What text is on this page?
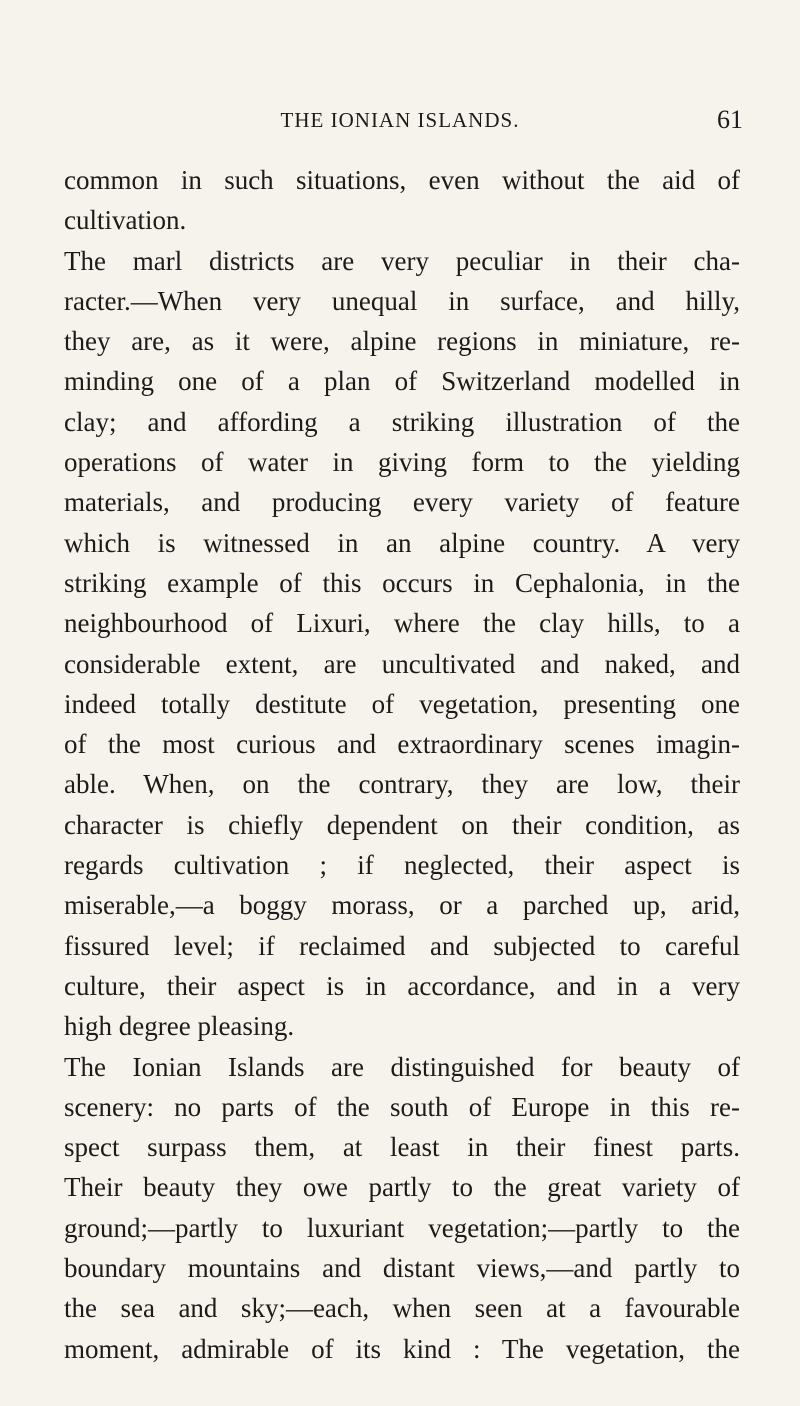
THE IONIAN ISLANDS.	61
common in such situations, even without the aid of
cultivation.
The marl districts are very peculiar in their cha-
racter.—When very unequal in surface, and hilly,
they are, as it were, alpine regions in miniature, re-
minding one of a plan of Switzerland modelled in
clay; and affording a striking illustration of the
operations of water in giving form to the yielding
materials, and producing every variety of feature
which is witnessed in an alpine country. A very
striking example of this occurs in Cephalonia, in the
neighbourhood of Lixuri, where the clay hills, to a
considerable extent, are uncultivated and naked, and
indeed totally destitute of vegetation, presenting one
of the most curious and extraordinary scenes imagin-
able. When, on the contrary, they are low, their
character is chiefly dependent on their condition, as
regards cultivation ; if neglected, their aspect is
miserable,—a boggy morass, or a parched up, arid,
fissured level; if reclaimed and subjected to careful
culture, their aspect is in accordance, and in a very
high degree pleasing.
The Ionian Islands are distinguished for beauty of
scenery: no parts of the south of Europe in this re-
spect surpass them, at least in their finest parts.
Their beauty they owe partly to the great variety of
ground;—partly to luxuriant vegetation;—partly to the
boundary mountains and distant views,—and partly to
the sea and sky;—each, when seen at a favourable
moment, admirable of its kind : The vegetation, the
